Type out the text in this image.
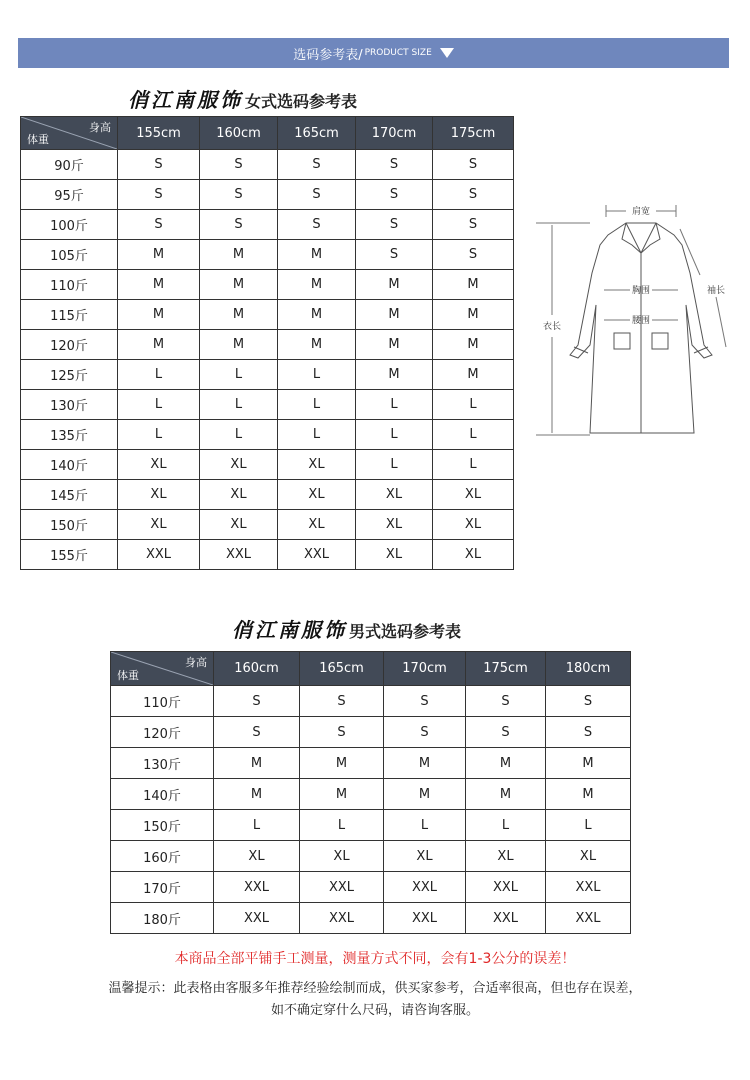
选码参考表/ PRODUCT SIZE
俏江南服饰 女式选码参考表
身高
体重	155cm	160cm	165cm	170cm	175cm
90斤	S	S	S	S	S
95斤	S	S	S	S	S
100斤	S	S	S	S	S
105斤	M	M	M	S	S
110斤	M	M	M	M	M
115斤	M	M	M	M	M
120斤	M	M	M	M	M
125斤	L	L	L	M	M
130斤	L	L	L	L	L
135斤	L	L	L	L	L
140斤	XL	XL	XL	L	L
145斤	XL	XL	XL	XL	XL
150斤	XL	XL	XL	XL	XL
155斤	XXL	XXL	XXL	XL	XL
肩宽
胸围
腰围
衣长
袖长
俏江南服饰 男式选码参考表
身高
体重	160cm	165cm	170cm	175cm	180cm
110斤	S	S	S	S	S
120斤	S	S	S	S	S
130斤	M	M	M	M	M
140斤	M	M	M	M	M
150斤	L	L	L	L	L
160斤	XL	XL	XL	XL	XL
170斤	XXL	XXL	XXL	XXL	XXL
180斤	XXL	XXL	XXL	XXL	XXL
本商品全部平铺手工测量，测量方式不同，会有1-3公分的误差！
温馨提示：此表格由客服多年推荐经验绘制而成，供买家参考，合适率很高，但也存在误差，
如不确定穿什么尺码，请咨询客服。
